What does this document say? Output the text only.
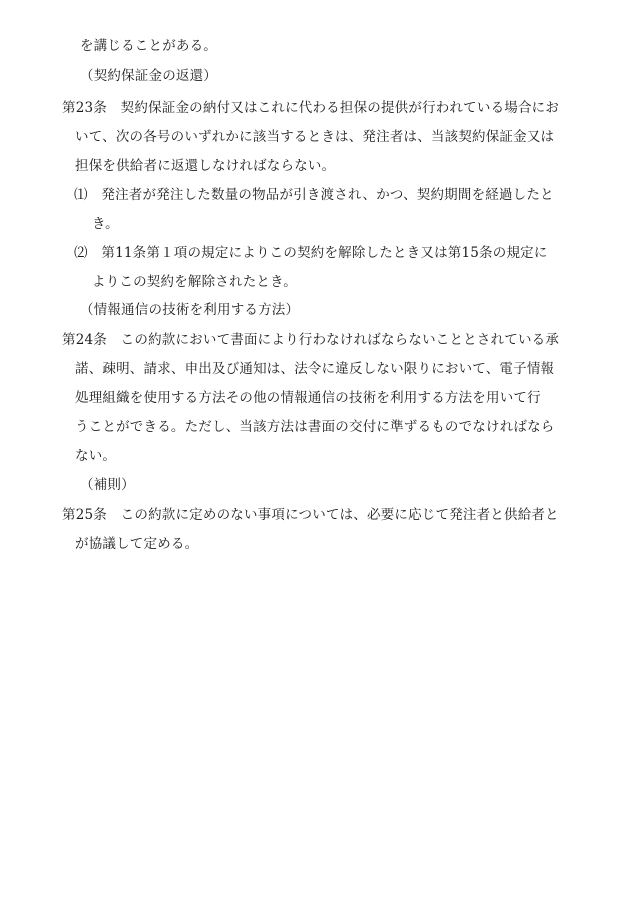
を講じることがある。
（契約保証金の返還）
第23条　契約保証金の納付又はこれに代わる担保の提供が行われている場合にお
いて、次の各号のいずれかに該当するときは、発注者は、当該契約保証金又は
担保を供給者に返還しなければならない。
⑴　発注者が発注した数量の物品が引き渡され、かつ、契約期間を経過したと
き。
⑵　第11条第１項の規定によりこの契約を解除したとき又は第15条の規定に
よりこの契約を解除されたとき。
（情報通信の技術を利用する方法）
第24条　この約款において書面により行わなければならないこととされている承
諾、疎明、請求、申出及び通知は、法令に違反しない限りにおいて、電子情報
処理組織を使用する方法その他の情報通信の技術を利用する方法を用いて行
うことができる。ただし、当該方法は書面の交付に準ずるものでなければなら
ない。
（補則）
第25条　この約款に定めのない事項については、必要に応じて発注者と供給者と
が協議して定める。
